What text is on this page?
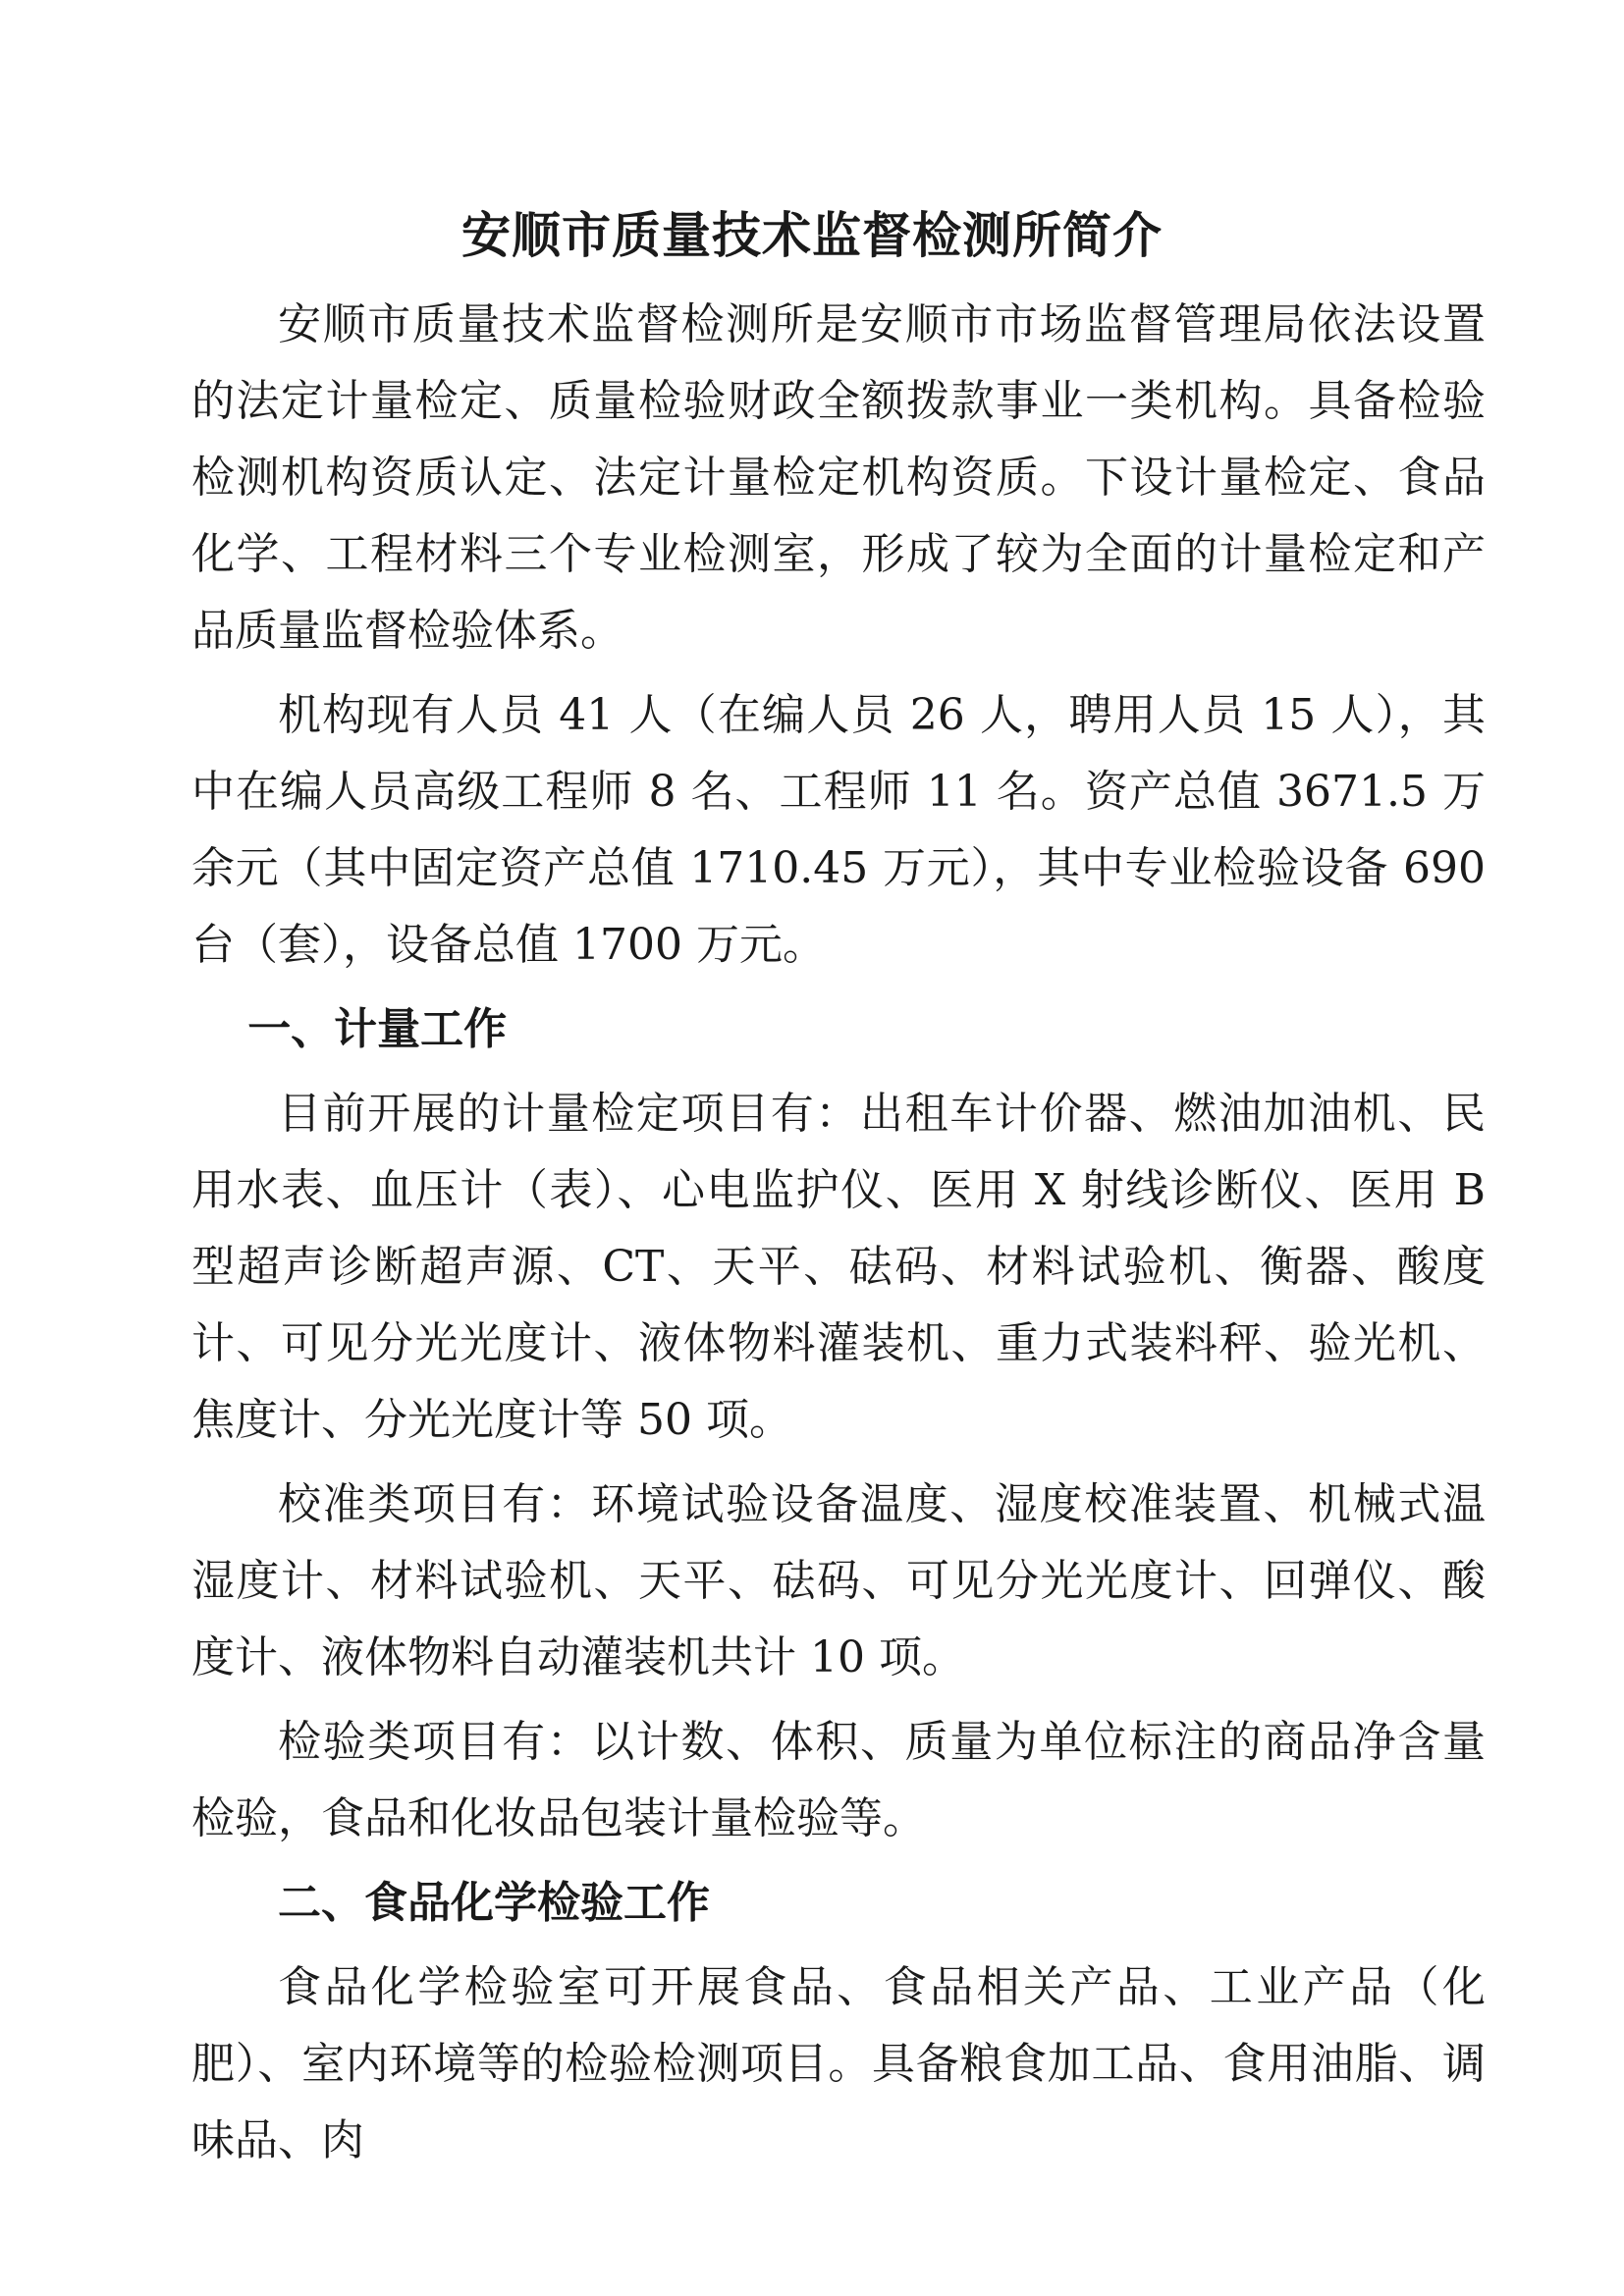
安顺市质量技术监督检测所简介

安顺市质量技术监督检测所是安顺市市场监督管理局依法设置的法定计量检定、质量检验财政全额拨款事业一类机构。具备检验检测机构资质认定、法定计量检定机构资质。下设计量检定、食品化学、工程材料三个专业检测室，形成了较为全面的计量检定和产品质量监督检验体系。

机构现有人员 41 人（在编人员 26 人，聘用人员 15 人），其中在编人员高级工程师 8 名、工程师 11 名。资产总值 3671.5 万余元（其中固定资产总值 1710.45 万元），其中专业检验设备 690 台（套），设备总值 1700 万元。

一、计量工作

目前开展的计量检定项目有：出租车计价器、燃油加油机、民用水表、血压计（表）、心电监护仪、医用 X 射线诊断仪、医用 B 型超声诊断超声源、CT、天平、砝码、材料试验机、衡器、酸度计、可见分光光度计、液体物料灌装机、重力式装料秤、验光机、焦度计、分光光度计等 50 项。

校准类项目有：环境试验设备温度、湿度校准装置、机械式温湿度计、材料试验机、天平、砝码、可见分光光度计、回弹仪、酸度计、液体物料自动灌装机共计 10 项。

检验类项目有：以计数、体积、质量为单位标注的商品净含量检验，食品和化妆品包装计量检验等。

二、食品化学检验工作

食品化学检验室可开展食品、食品相关产品、工业产品（化肥）、室内环境等的检验检测项目。具备粮食加工品、食用油脂、调味品、肉
